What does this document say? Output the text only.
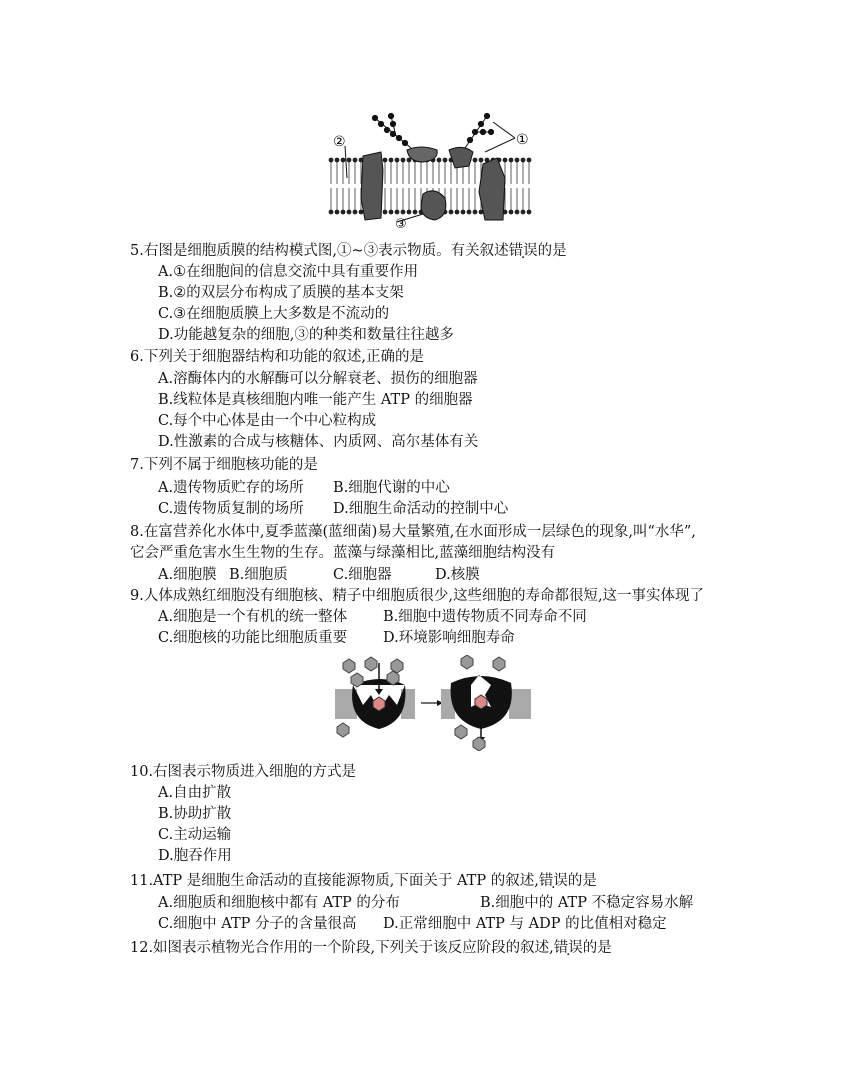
②	①
③
5.右图是细胞质膜的结构模式图,①~③表示物质。有关叙述错误的是
A.①在细胞间的信息交流中具有重要作用
B.②的双层分布构成了质膜的基本支架
C.③在细胞质膜上大多数是不流动的
D.功能越复杂的细胞,③的种类和数量往往越多
6.下列关于细胞器结构和功能的叙述,正确的是
A.溶酶体内的水解酶可以分解衰老、损伤的细胞器
B.线粒体是真核细胞内唯一能产生 ATP 的细胞器
C.每个中心体是由一个中心粒构成
D.性激素的合成与核糖体、内质网、高尔基体有关
7.下列不属于细胞核功能的是
A.遗传物质贮存的场所 B.细胞代谢的中心
C.遗传物质复制的场所 D.细胞生命活动的控制中心
8.在富营养化水体中,夏季蓝藻(蓝细菌)易大量繁殖,在水面形成一层绿色的现象,叫“水华”,
它会严重危害水生生物的生存。蓝藻与绿藻相比,蓝藻细胞结构没有
A.细胞膜 B.细胞质	C.细胞器	D.核膜
9.人体成熟红细胞没有细胞核、精子中细胞质很少,这些细胞的寿命都很短,这一事实体现了
A.细胞是一个有机的统一整体 B.细胞中遗传物质不同寿命不同
C.细胞核的功能比细胞质重要 D.环境影响细胞寿命
10.右图表示物质进入细胞的方式是
A.自由扩散
B.协助扩散
C.主动运输
D.胞吞作用
11.ATP 是细胞生命活动的直接能源物质,下面关于 ATP 的叙述,错误的是
A.细胞质和细胞核中都有 ATP 的分布	B.细胞中的 ATP 不稳定容易水解
C.细胞中 ATP 分子的含量很高 D.正常细胞中 ATP 与 ADP 的比值相对稳定
12.如图表示植物光合作用的一个阶段,下列关于该反应阶段的叙述,错误的是
